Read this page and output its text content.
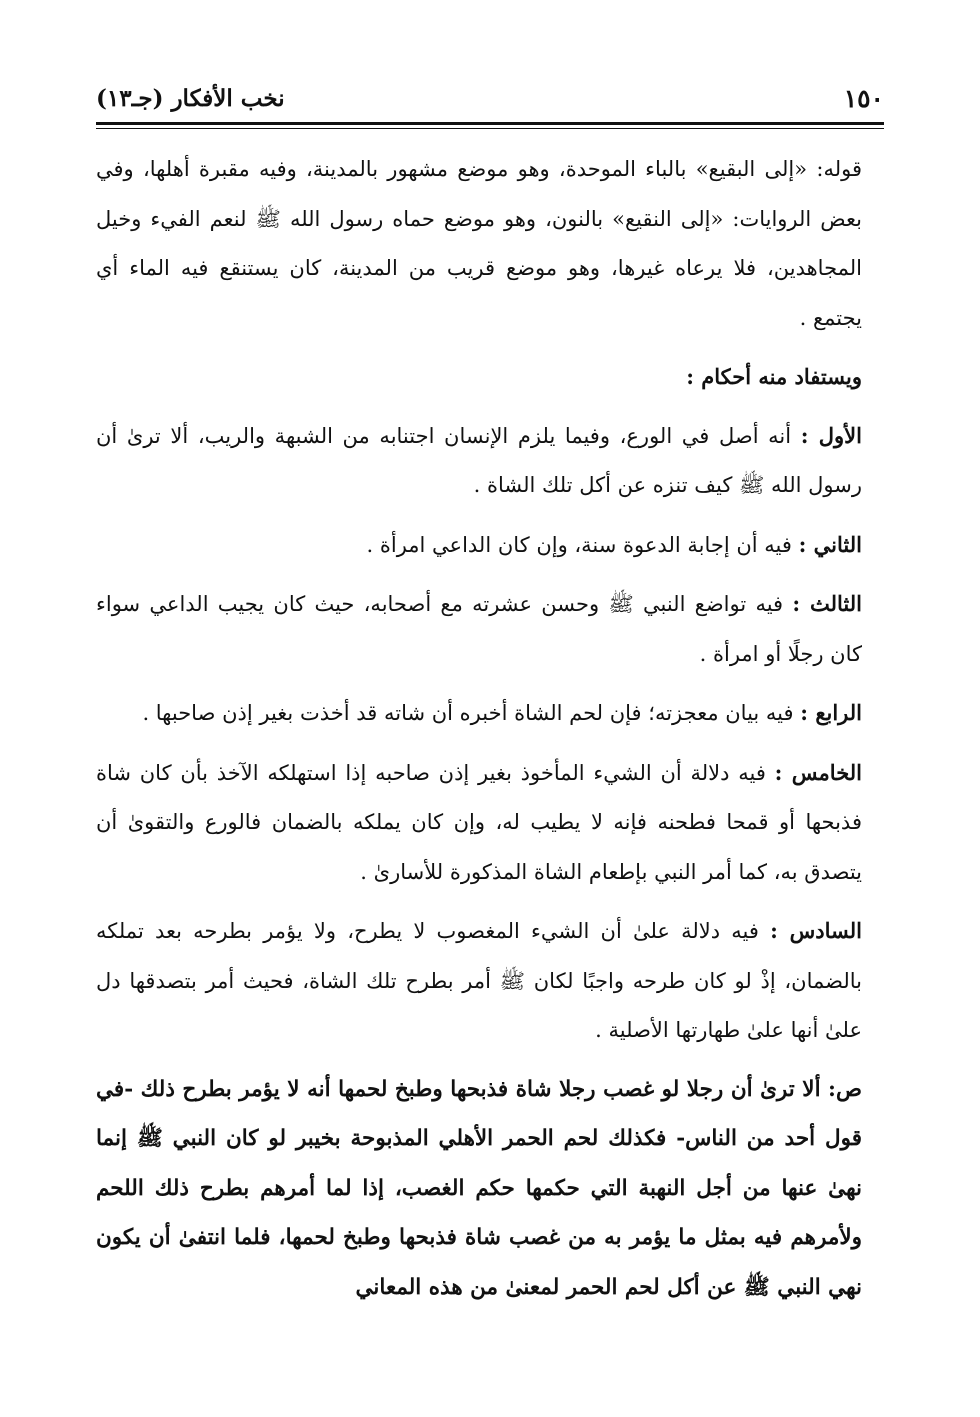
١٥٠
نخب الأفكار (جـ١٣)

قوله: «إلى البقيع» بالباء الموحدة، وهو موضع مشهور بالمدينة، وفيه مقبرة أهلها، وفي بعض الروايات: «إلى النقيع» بالنون، وهو موضع حماه رسول الله ﷺ لنعم الفيء وخيل المجاهدين، فلا يرعاه غيرها، وهو موضع قريب من المدينة، كان يستنقع فيه الماء أي يجتمع .

ويستفاد منه أحكام :

الأول : أنه أصل في الورع، وفيما يلزم الإنسان اجتنابه من الشبهة والريب، ألا ترىٰ أن رسول الله ﷺ كيف تنزه عن أكل تلك الشاة .

الثاني : فيه أن إجابة الدعوة سنة، وإن كان الداعي امرأة .

الثالث : فيه تواضع النبي ﷺ وحسن عشرته مع أصحابه، حيث كان يجيب الداعي سواء كان رجلًا أو امرأة .

الرابع : فيه بيان معجزته؛ فإن لحم الشاة أخبره أن شاته قد أخذت بغير إذن صاحبها .

الخامس : فيه دلالة أن الشيء المأخوذ بغير إذن صاحبه إذا استهلكه الآخذ بأن كان شاة فذبحها أو قمحا فطحنه فإنه لا يطيب له، وإن كان يملكه بالضمان فالورع والتقوىٰ أن يتصدق به، كما أمر النبي بإطعام الشاة المذكورة للأسارىٰ .

السادس : فيه دلالة علىٰ أن الشيء المغصوب لا يطرح، ولا يؤمر بطرحه بعد تملكه بالضمان، إذْ لو كان طرحه واجبًا لكان ﷺ أمر بطرح تلك الشاة، فحيث أمر بتصدقها دل علىٰ أنها علىٰ طهارتها الأصلية .

ص: ألا ترىٰ أن رجلا لو غصب رجلا شاة فذبحها وطبخ لحمها أنه لا يؤمر بطرح ذلك -في قول أحد من الناس- فكذلك لحم الحمر الأهلي المذبوحة بخيبر لو كان النبي ﷺ إنما نهىٰ عنها من أجل النهبة التي حكمها حكم الغصب، إذا لما أمرهم بطرح ذلك اللحم ولأمرهم فيه بمثل ما يؤمر به من غصب شاة فذبحها وطبخ لحمها، فلما انتفىٰ أن يكون نهي النبي ﷺ عن أكل لحم الحمر لمعنىٰ من هذه المعاني
